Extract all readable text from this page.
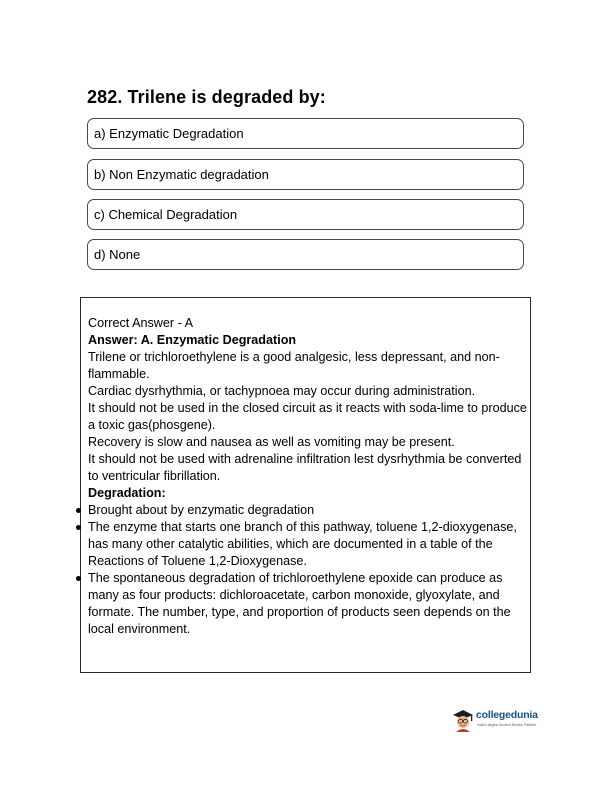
282. Trilene is degraded by:
a) Enzymatic Degradation
b) Non Enzymatic degradation
c) Chemical Degradation
d) None

Correct Answer - A

Answer: A. Enzymatic Degradation

Trilene or trichloroethylene is a good analgesic, less depressant, and non-flammable.

Cardiac dysrhythmia, or tachypnoea may occur during administration.

It should not be used in the closed circuit as it reacts with soda-lime to produce a toxic gas(phosgene).

Recovery is slow and nausea as well as vomiting may be present.

It should not be used with adrenaline infiltration lest dysrhythmia be converted to ventricular fibrillation.

Degradation:

Brought about by enzymatic degradation
The enzyme that starts one branch of this pathway, toluene 1,2-dioxygenase, has many other catalytic abilities, which are documented in a table of the Reactions of Toluene 1,2-Dioxygenase.
The spontaneous degradation of trichloroethylene epoxide can produce as many as four products: dichloroacetate, carbon monoxide, glyoxylate, and formate. The number, type, and proportion of products seen depends on the local environment.
collegedunia
India's largest Student Review Platform
